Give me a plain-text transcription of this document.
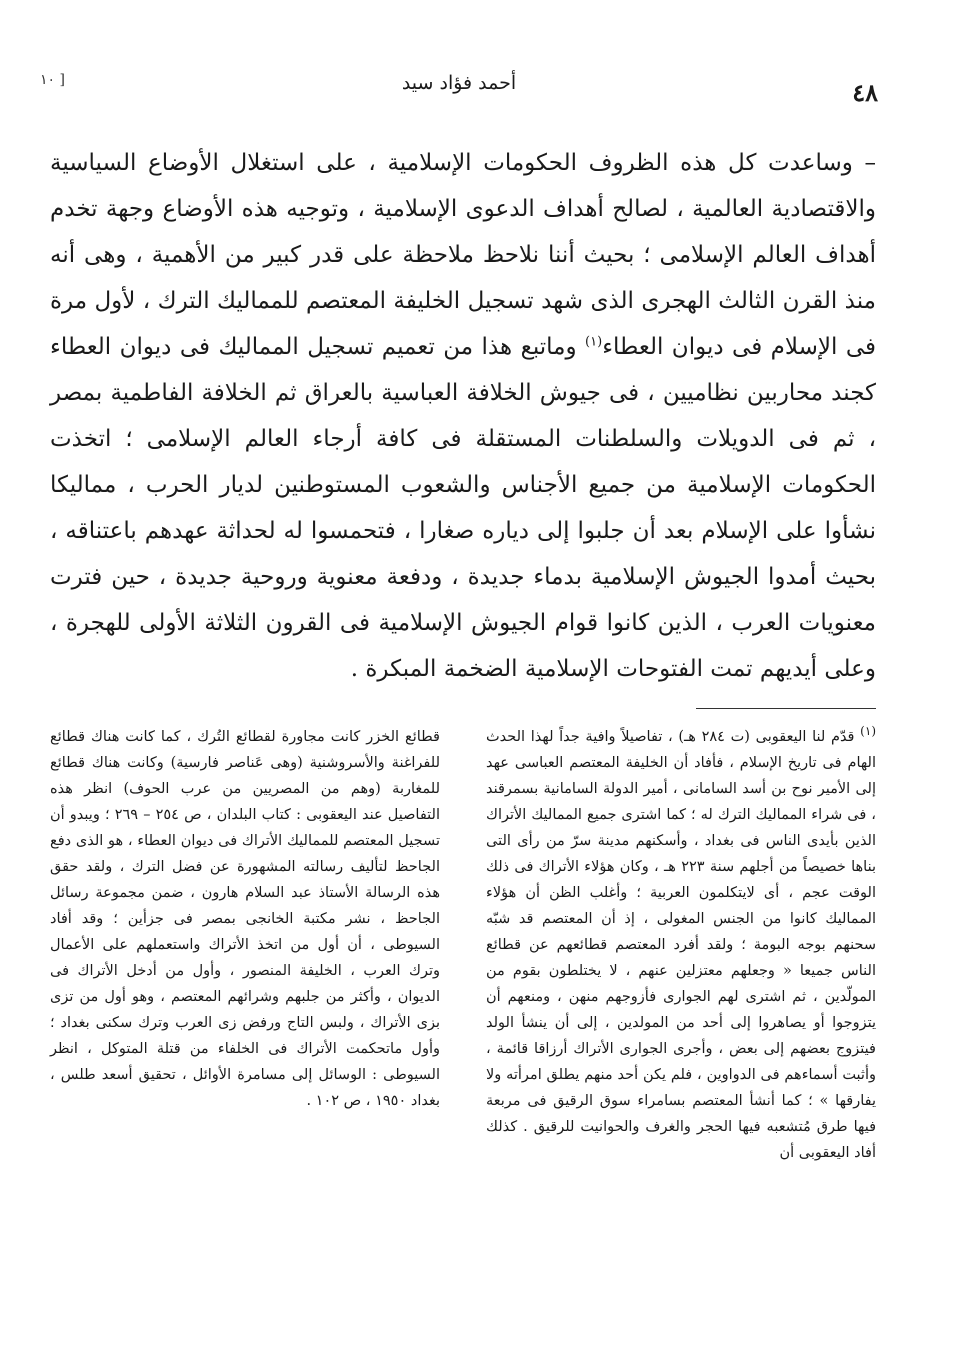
٤٨
أحمد فؤاد سيد
[ ١٠

– وساعدت كل هذه الظروف الحكومات الإسلامية ، على استغلال الأوضاع السياسية والاقتصادية العالمية ، لصالح أهداف الدعوى الإسلامية ، وتوجيه هذه الأوضاع وجهة تخدم أهداف العالم الإسلامى ؛ بحيث أننا نلاحظ ملاحظة على قدر كبير من الأهمية ، وهى أنه منذ القرن الثالث الهجرى الذى شهد تسجيل الخليفة المعتصم للمماليك الترك ، لأول مرة فى الإسلام فى ديوان العطاء$^{(١)}$ وماتبع هذا من تعميم تسجيل المماليك فى ديوان العطاء كجند محاربين نظاميين ، فى جيوش الخلافة العباسية بالعراق ثم الخلافة الفاطمية بمصر ، ثم فى الدويلات والسلطنات المستقلة فى كافة أرجاء العالم الإسلامى ؛ اتخذت الحكومات الإسلامية من جميع الأجناس والشعوب المستوطنين لديار الحرب ، مماليكا نشأوا على الإسلام بعد أن جلبوا إلى دياره صغارا ، فتحمسوا له لحداثة عهدهم باعتناقه ، بحيث أمدوا الجيوش الإسلامية بدماء جديدة ، ودفعة معنوية وروحية جديدة ، حين فترت معنويات العرب ، الذين كانوا قوام الجيوش الإسلامية فى القرون الثلاثة الأولى للهجرة ، وعلى أيديهم تمت الفتوحات الإسلامية الضخمة المبكرة .

$^{(١)}$ قدّم لنا اليعقوبى (ت ٢٨٤ هـ) ، تفاصيلاً وافية جداً لهذا الحدث الهام فى تاريخ الإسلام ، فأفاد أن الخليفة المعتصم العباسى عهد إلى الأمير نوح بن أسد السامانى ، أمير الدولة السامانية بسمرقند ، فى شراء المماليك الترك له ؛ كما اشترى جميع المماليك الأتراك الذين بأيدى الناس فى بغداد ، وأسكنهم مدينة سرّ من رأى التى بناها خصيصاً من أجلهم سنة ٢٢٣ هـ ، وكان هؤلاء الأتراك فى ذلك الوقت عجم ، أى لايتكلمون العربية ؛ وأغلب الظن أن هؤلاء المماليك كانوا من الجنس المغولى ، إذ أن المعتصم قد شبّه سحنهم بوجه البومة ؛ ولقد أفرد المعتصم قطائعهم عن قطائع الناس جميعا « وجعلهم معتزلين عنهم ، لا يختلطون بقوم من المولّدين ، ثم اشترى لهم الجوارى فأزوجهم منهن ، ومنعهم أن يتزوجوا أو يصاهروا إلى أحد من المولدين ، إلى أن ينشأ الولد فيتزوج بعضهم إلى بعض ، وأجرى الجوارى الأتراك أرزاقا قائمة ، وأثبت أسماءهم فى الدواوين ، فلم يكن أحد منهم يطلق امرأته ولا يفارقها » ؛ كما أنشأ المعتصم بسامراء سوق الرقيق فى مربعة فيها طرق مُتشعبه فيها الحجر والغرف والحوانيت للرقيق . كذلك أفاد اليعقوبى أن

قطائع الخزر كانت مجاورة لقطائع التُرك ، كما كانت هناك قطائع للفراغنة والأسروشنية (وهى عَناصر فارسية) وكانت هناك قطائع للمغاربة (وهم من المصريين من عرب الحوف) انظر هذه التفاصيل عند اليعقوبى : كتاب البلدان ، ص ٢٥٤ – ٢٦٩ ؛ ويبدو أن تسجيل المعتصم للمماليك الأتراك فى ديوان العطاء ، هو الذى دفع الجاحظ لتأليف رسالته المشهورة عن فضل الترك ، ولقد حقق هذه الرسالة الأستاذ عبد السلام هارون ، ضمن مجموعة رسائل الجاحظ ، نشر مكتبة الخانجى بمصر فى جزأين ؛ وقد أفاد السيوطى ، أن أول من اتخذ الأتراك واستعملهم على الأعمال وترك العرب ، الخليفة المنصور ، وأول من أدخل الأتراك فى الديوان ، وأكثر من جلبهم وشرائهم المعتصم ، وهو أول من تزى بزى الأتراك ، ولبس التاج ورفض زى العرب وترك سكنى بغداد ؛ وأول ماتحكمت الأتراك فى الخلفاء من قتلة المتوكل ، انظر السيوطى : الوسائل إلى مسامرة الأوائل ، تحقيق أسعد طلس ، بغداد ١٩٥٠ ، ص ١٠٢ .
